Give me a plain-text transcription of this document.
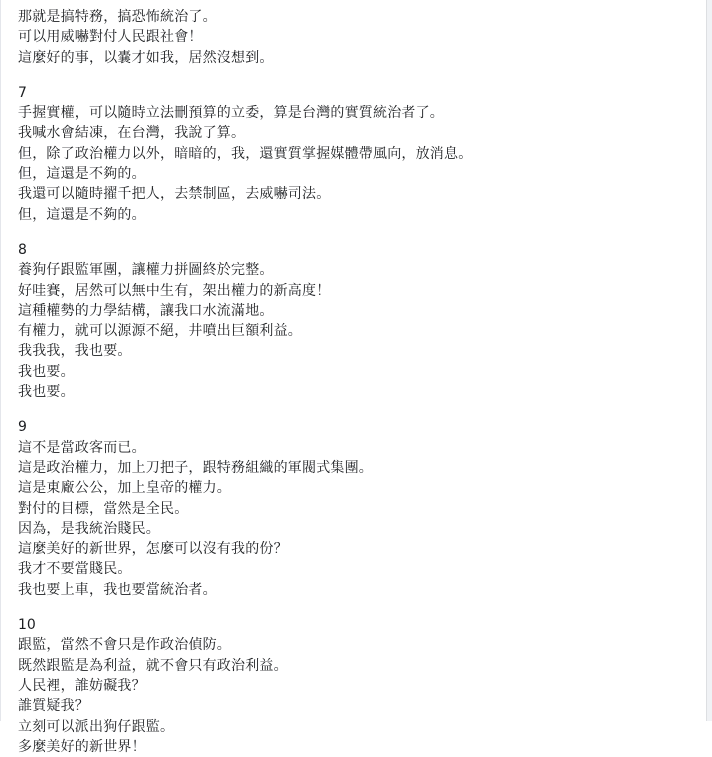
那就是搞特務，搞恐怖統治了。
可以用威嚇對付人民跟社會！
這麼好的事，以嚢才如我，居然沒想到。
7
手握實權，可以隨時立法刪預算的立委，算是台灣的實質統治者了。
我喊水會結凍，在台灣，我說了算。
但，除了政治權力以外，暗暗的，我，還實質掌握媒體帶風向，放消息。
但，這還是不夠的。
我還可以隨時擢千把人，去禁制區，去威嚇司法。
但，這還是不夠的。
8
養狗仔跟監軍團，讓權力拼圖終於完整。
好哇賽，居然可以無中生有，架出權力的新高度！
這種權勢的力學結構，讓我口水流滿地。
有權力，就可以源源不絕，井噴出巨額利益。
我我我，我也要。
我也要。
我也要。
9
這不是當政客而已。
這是政治權力，加上刀把子，跟特務組織的軍閥式集團。
這是東廠公公，加上皇帝的權力。
對付的目標，當然是全民。
因為，是我統治賤民。
這麼美好的新世界，怎麼可以沒有我的份？
我才不要當賤民。
我也要上車，我也要當統治者。
10
跟監，當然不會只是作政治偵防。
既然跟監是為利益，就不會只有政治利益。
人民裡，誰妨礙我？
誰質疑我？
立刻可以派出狗仔跟監。
多麼美好的新世界！
